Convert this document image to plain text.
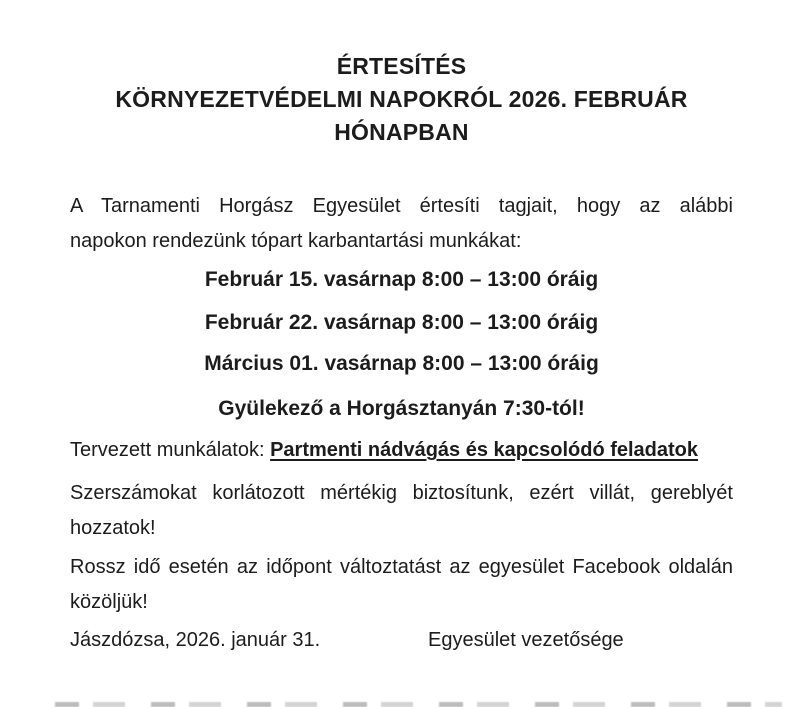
ÉRTESÍTÉS
KÖRNYEZETVÉDELMI NAPOKRÓL 2026. FEBRUÁR
HÓNAPBAN
A Tarnamenti Horgász Egyesület értesíti tagjait, hogy az alábbi
napokon rendezünk tópart karbantartási munkákat:
Február 15. vasárnap 8:00 – 13:00 óráig
Február 22. vasárnap 8:00 – 13:00 óráig
Március 01. vasárnap 8:00 – 13:00 óráig
Gyülekező a Horgásztanyán 7:30-tól!
Tervezett munkálatok: Partmenti nádvágás és kapcsolódó feladatok
Szerszámokat korlátozott mértékig biztosítunk, ezért villát, gereblyét
hozzatok!
Rossz idő esetén az időpont változtatást az egyesület Facebook oldalán
közöljük!
Jászdózsa, 2026. január 31.	Egyesület vezetősége
